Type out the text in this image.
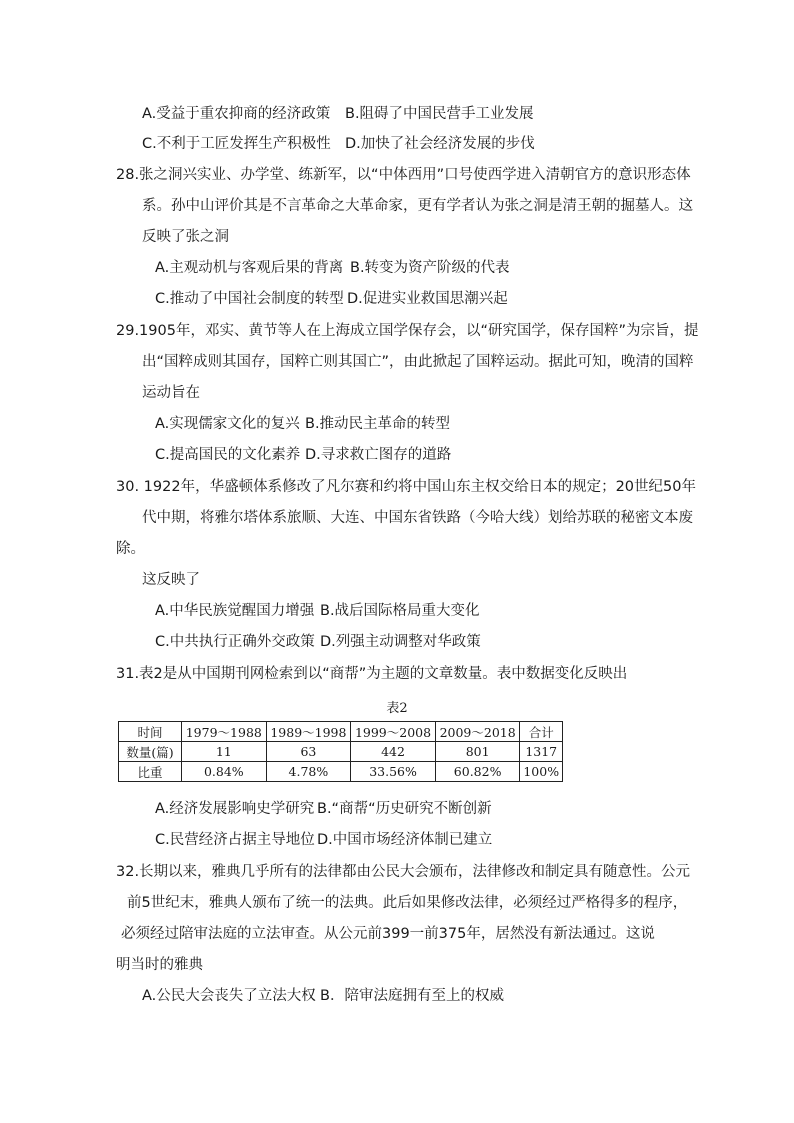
A.受益于重农抑商的经济政策 B.阻碍了中国民营手工业发展
C.不利于工匠发挥生产积极性 D.加快了社会经济发展的步伐
28.张之洞兴实业、办学堂、练新军，以“中体西用”口号使西学进入清朝官方的意识形态体
系。孙中山评价其是不言革命之大革命家，更有学者认为张之洞是清王朝的掘墓人。这
反映了张之洞
A.主观动机与客观后果的背离 B.转变为资产阶级的代表
C.推动了中国社会制度的转型 D.促进实业救国思潮兴起
29.1905年，邓实、黄节等人在上海成立国学保存会，以“研究国学，保存国粹”为宗旨，提
出“国粹成则其国存，国粹亡则其国亡”，由此掀起了国粹运动。据此可知，晚清的国粹
运动旨在
A.实现儒家文化的复兴 B.推动民主革命的转型
C.提高国民的文化素养 D.寻求救亡图存的道路
30. 1922年，华盛顿体系修改了凡尔赛和约将中国山东主权交给日本的规定；20世纪50年
代中期，将雅尔塔体系旅顺、大连、中国东省铁路（今哈大线）划给苏联的秘密文本废
除。
这反映了
A.中华民族觉醒国力增强 B.战后国际格局重大变化
C.中共执行正确外交政策 D.列强主动调整对华政策
31.表2是从中国期刊网检索到以“商帮”为主题的文章数量。表中数据变化反映出
表2
时间	1979～1988	1989～1998	1999～2008	2009～2018	合计
数量(篇)	11	63	442	801	1317
比重	0.84%	4.78%	33.56%	60.82%	100%
A.经济发展影响史学研究 B.“商帮“历史研究不断创新
C.民营经济占据主导地位 D.中国市场经济体制已建立
32.长期以来，雅典几乎所有的法律都由公民大会颁布，法律修改和制定具有随意性。公元
前5世纪末，雅典人颁布了统一的法典。此后如果修改法律，必须经过严格得多的程序，
必须经过陪审法庭的立法审查。从公元前399一前375年，居然没有新法通过。这说
明当时的雅典
A.公民大会丧失了立法大权 B．陪审法庭拥有至上的权威
